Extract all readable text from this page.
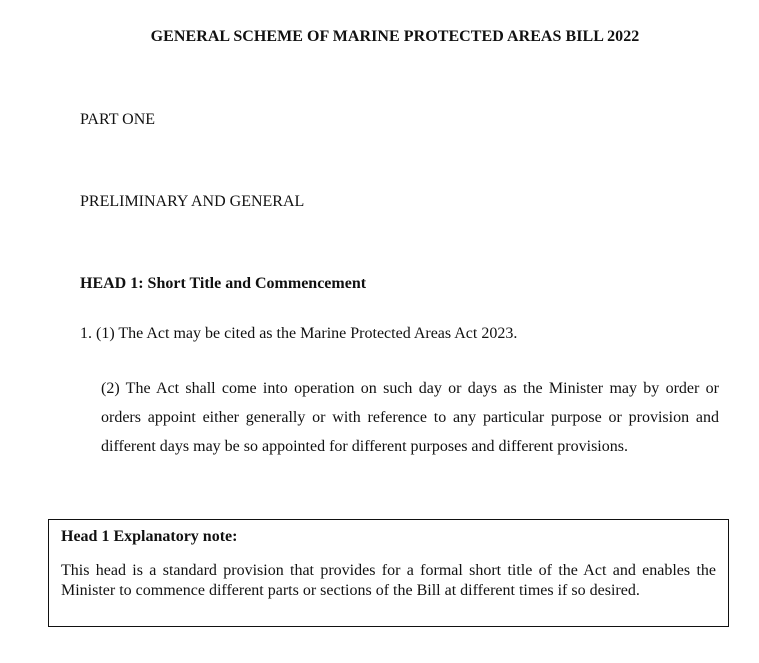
GENERAL SCHEME OF MARINE PROTECTED AREAS BILL 2022
PART ONE
PRELIMINARY AND GENERAL
HEAD 1: Short Title and Commencement
1. (1) The Act may be cited as the Marine Protected Areas Act 2023.
(2) The Act shall come into operation on such day or days as the Minister may by order or orders appoint either generally or with reference to any particular purpose or provision and different days may be so appointed for different purposes and different provisions.
Head 1 Explanatory note:
This head is a standard provision that provides for a formal short title of the Act and enables the Minister to commence different parts or sections of the Bill at different times if so desired.
